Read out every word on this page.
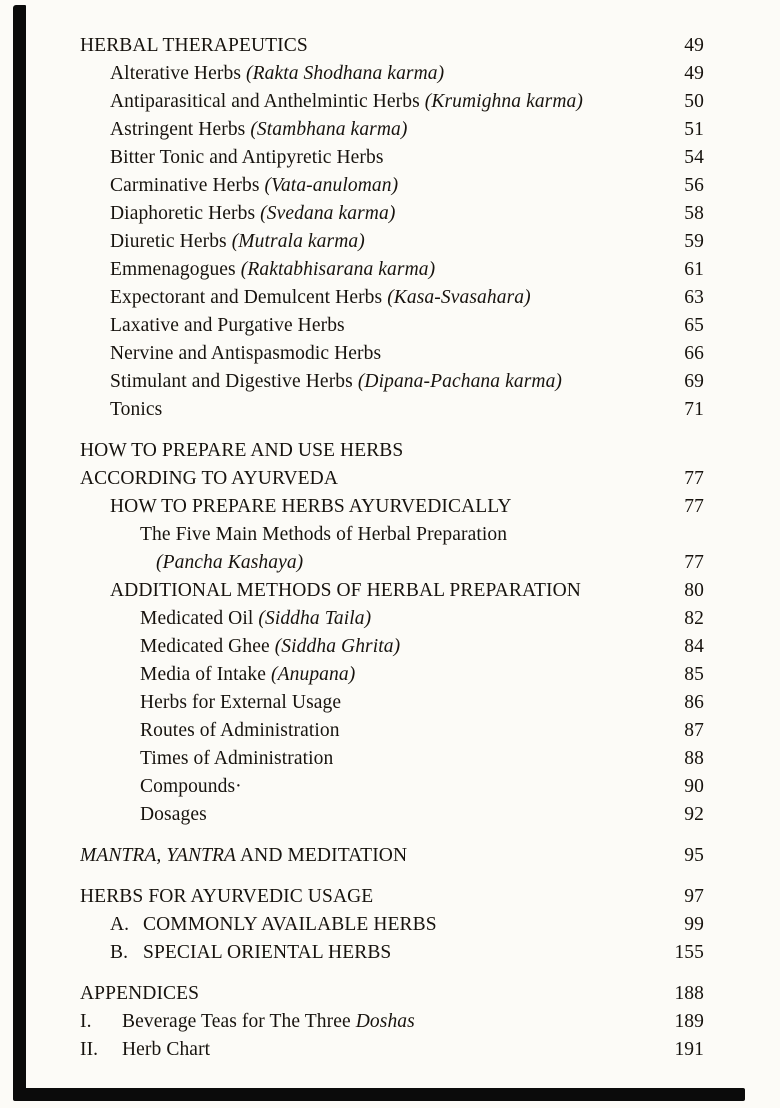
HERBAL THERAPEUTICS	49
Alterative Herbs (Rakta Shodhana karma)	49
Antiparasitical and Anthelmintic Herbs (Krumighna karma)	50
Astringent Herbs (Stambhana karma)	51
Bitter Tonic and Antipyretic Herbs	54
Carminative Herbs (Vata-anuloman)	56
Diaphoretic Herbs (Svedana karma)	58
Diuretic Herbs (Mutrala karma)	59
Emmenagogues (Raktabhisarana karma)	61
Expectorant and Demulcent Herbs (Kasa-Svasahara)	63
Laxative and Purgative Herbs	65
Nervine and Antispasmodic Herbs	66
Stimulant and Digestive Herbs (Dipana-Pachana karma)	69
Tonics	71
HOW TO PREPARE AND USE HERBS
ACCORDING TO AYURVEDA	77
HOW TO PREPARE HERBS AYURVEDICALLY	77
The Five Main Methods of Herbal Preparation
(Pancha Kashaya)	77
ADDITIONAL METHODS OF HERBAL PREPARATION	80
Medicated Oil (Siddha Taila)	82
Medicated Ghee (Siddha Ghrita)	84
Media of Intake (Anupana)	85
Herbs for External Usage	86
Routes of Administration	87
Times of Administration	88
Compounds·	90
Dosages	92
MANTRA, YANTRA AND MEDITATION	95
HERBS FOR AYURVEDIC USAGE	97
A. COMMONLY AVAILABLE HERBS	99
B. SPECIAL ORIENTAL HERBS	155
APPENDICES	188
I. Beverage Teas for The Three Doshas	189
II. Herb Chart	191
